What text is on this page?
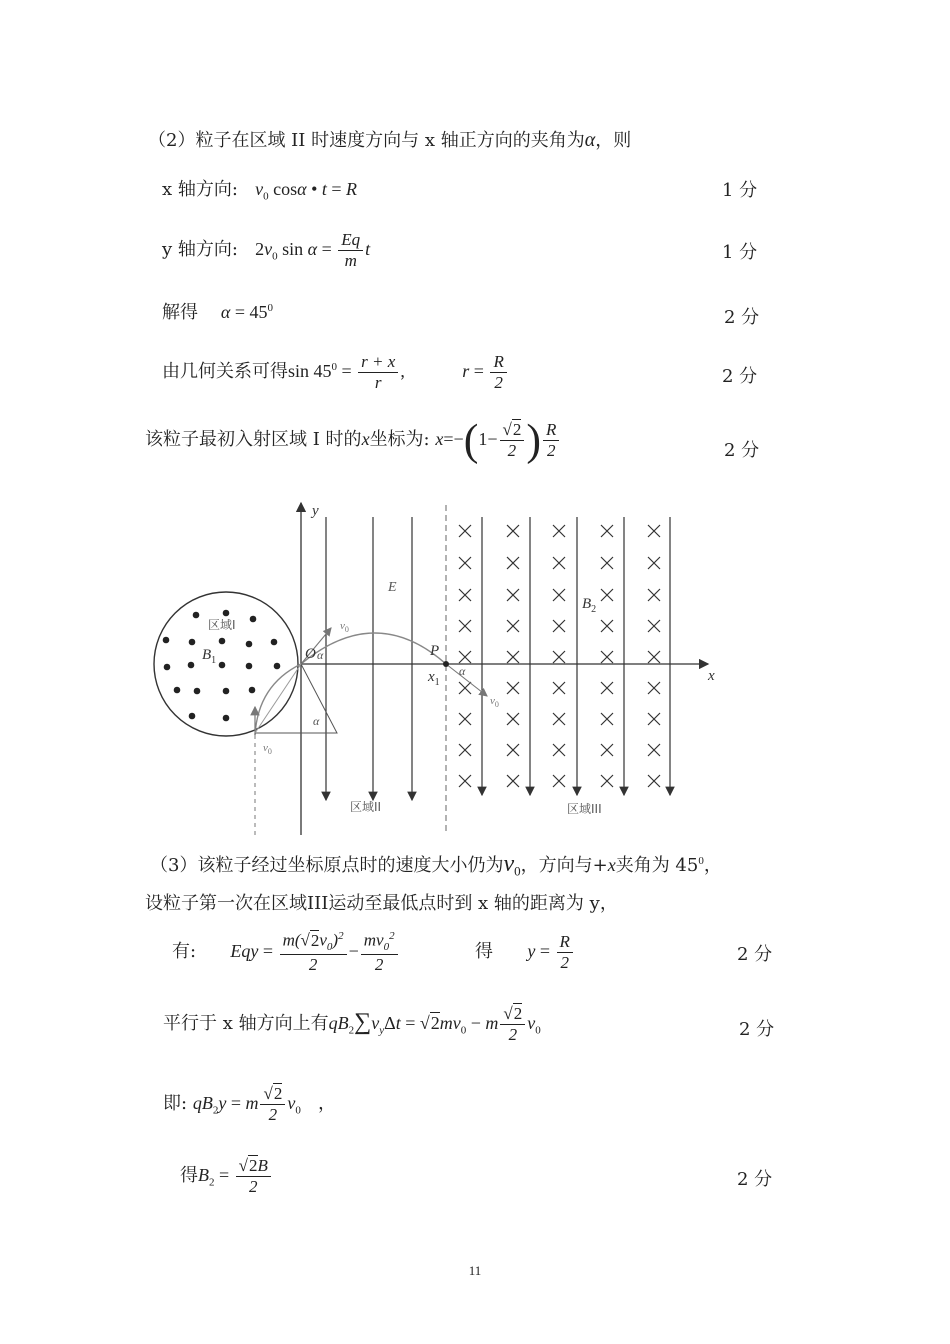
（2）粒子在区域 II 时速度方向与 x 轴正方向的夹角为α，则
x 轴方向: $v_0$ cosα • t = R	1 分
y 轴方向: $2v_0$ $\sin \alpha = \frac{Eq}{m}$ t	1 分
解得 $\alpha = 45^0$	2 分
由几何关系可得$\sin 45^0 = \frac{r + x}{r}$ ,	$r = \frac{R}{2}$	2 分
该粒子最初入射区域 I 时的x坐标为: $x=-(1- \frac{√2}{2}$ ) $\frac{R}{2}$	2 分
y
x
E
$B_2$
区域I
$B_1$	O α
$v_0$
α
$v_0$
P
α
$x_1$
$v_0$
区域II	区域III
（3）该粒子经过坐标原点时的速度大小仍为$v_0$，方向与+x夹角为 $45^0$，
设粒子第一次在区域III运动至最低点时到 x 轴的距离为 y，
有: Eqy = $\frac{m(√2v_0)^2}{2} - \frac{mv_0^2}{2}$	得 $y = \frac{R}{2}$	2 分
平行于 x 轴方向上有$qB_2\sum v_y\Delta t = √2mv_0 - m \frac{√2}{2} v_0$	2 分
即: $qB_2y = m \frac{√2}{2} v_0$ ，
得$B_2 = \frac{√2B}{2}$	2 分
11
